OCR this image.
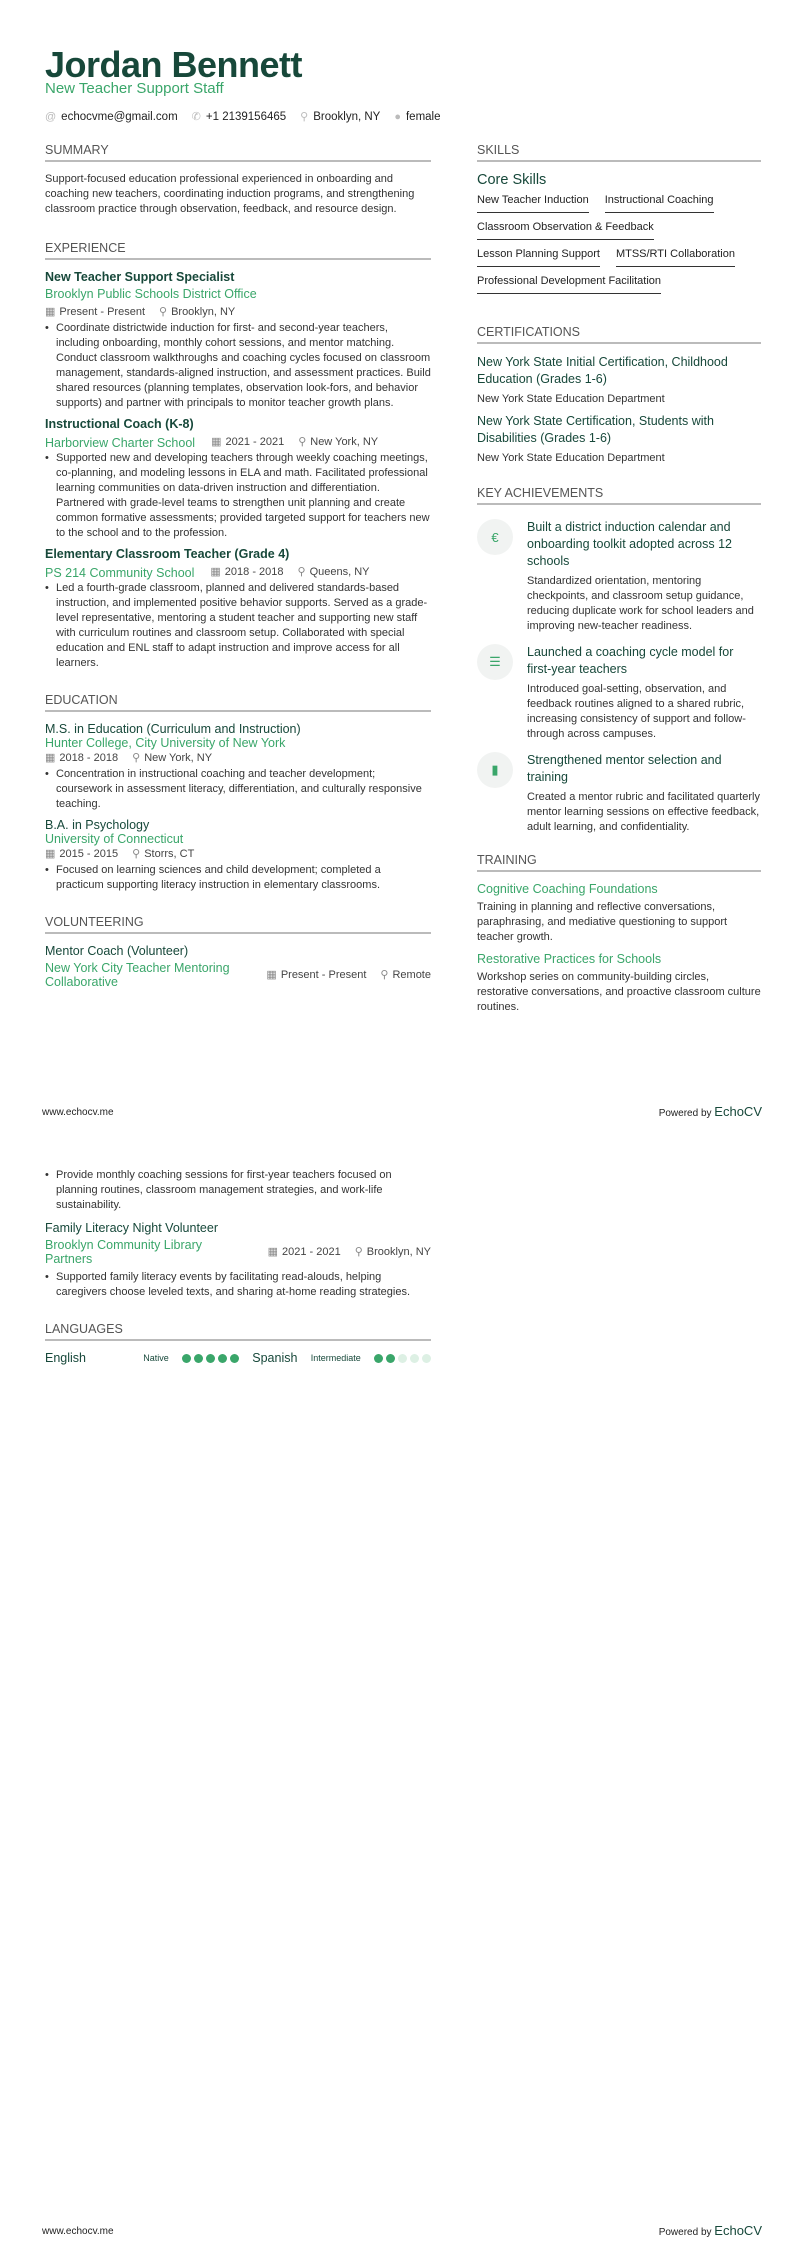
Jordan Bennett
New Teacher Support Staff
@ echocvme@gmail.com ✆ +1 2139156465 ⚲ Brooklyn, NY ● female
SUMMARY
Support-focused education professional experienced in onboarding and coaching new teachers, coordinating induction programs, and strengthening classroom practice through observation, feedback, and resource design.
EXPERIENCE
New Teacher Support Specialist
Brooklyn Public Schools District Office
▦ Present - Present ⚲ Brooklyn, NY
• Coordinate districtwide induction for first- and second-year teachers, including onboarding, monthly cohort sessions, and mentor matching. Conduct classroom walkthroughs and coaching cycles focused on classroom management, standards-aligned instruction, and assessment practices. Build shared resources (planning templates, observation look-fors, and behavior supports) and partner with principals to monitor teacher growth plans.
Instructional Coach (K-8)
Harborview Charter School ▦ 2021 - 2021 ⚲ New York, NY
• Supported new and developing teachers through weekly coaching meetings, co-planning, and modeling lessons in ELA and math. Facilitated professional learning communities on data-driven instruction and differentiation. Partnered with grade-level teams to strengthen unit planning and create common formative assessments; provided targeted support for teachers new to the school and to the profession.
Elementary Classroom Teacher (Grade 4)
PS 214 Community School ▦ 2018 - 2018 ⚲ Queens, NY
• Led a fourth-grade classroom, planned and delivered standards-based instruction, and implemented positive behavior supports. Served as a grade-level representative, mentoring a student teacher and supporting new staff with curriculum routines and classroom setup. Collaborated with special education and ENL staff to adapt instruction and improve access for all learners.
EDUCATION
M.S. in Education (Curriculum and Instruction)
Hunter College, City University of New York
▦ 2018 - 2018 ⚲ New York, NY
• Concentration in instructional coaching and teacher development; coursework in assessment literacy, differentiation, and culturally responsive teaching.
B.A. in Psychology
University of Connecticut
▦ 2015 - 2015 ⚲ Storrs, CT
• Focused on learning sciences and child development; completed a practicum supporting literacy instruction in elementary classrooms.
VOLUNTEERING
Mentor Coach (Volunteer)
New York City Teacher Mentoring Collaborative
▦ Present - Present ⚲ Remote
SKILLS
Core Skills
New Teacher Induction Instructional Coaching
Classroom Observation & Feedback
Lesson Planning Support MTSS/RTI Collaboration
Professional Development Facilitation
CERTIFICATIONS
New York State Initial Certification, Childhood Education (Grades 1-6)
New York State Education Department
New York State Certification, Students with Disabilities (Grades 1-6)
New York State Education Department
KEY ACHIEVEMENTS
€
Built a district induction calendar and onboarding toolkit adopted across 12 schools
Standardized orientation, mentoring checkpoints, and classroom setup guidance, reducing duplicate work for school leaders and improving new-teacher readiness.
☰
Launched a coaching cycle model for first-year teachers
Introduced goal-setting, observation, and feedback routines aligned to a shared rubric, increasing consistency of support and follow-through across campuses.
▮
Strengthened mentor selection and training
Created a mentor rubric and facilitated quarterly mentor learning sessions on effective feedback, adult learning, and confidentiality.
TRAINING
Cognitive Coaching Foundations
Training in planning and reflective conversations, paraphrasing, and mediative questioning to support teacher growth.
Restorative Practices for Schools
Workshop series on community-building circles, restorative conversations, and proactive classroom culture routines.
www.echocv.me	Powered by EchoCV
• Provide monthly coaching sessions for first-year teachers focused on planning routines, classroom management strategies, and work-life sustainability.
Family Literacy Night Volunteer
Brooklyn Community Library Partners
▦ 2021 - 2021 ⚲ Brooklyn, NY
• Supported family literacy events by facilitating read-alouds, helping caregivers choose leveled texts, and sharing at-home reading strategies.
LANGUAGES
English	Native	Spanish Intermediate
www.echocv.me	Powered by EchoCV
